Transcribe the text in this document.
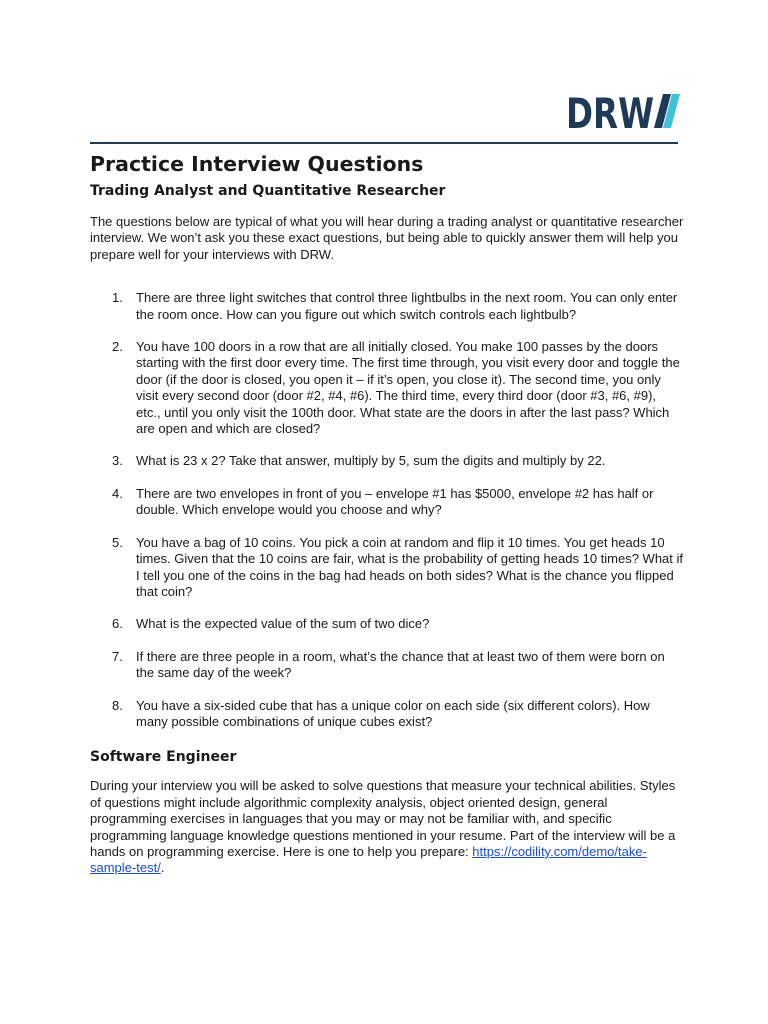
DRW
Practice Interview Questions
Trading Analyst and Quantitative Researcher

The questions below are typical of what you will hear during a trading analyst or quantitative researcher interview. We won’t ask you these exact questions, but being able to quickly answer them will help you prepare well for your interviews with DRW.

1.	There are three light switches that control three lightbulbs in the next room. You can only enter the room once. How can you figure out which switch controls each lightbulb?
2.	You have 100 doors in a row that are all initially closed. You make 100 passes by the doors starting with the first door every time. The first time through, you visit every door and toggle the door (if the door is closed, you open it – if it’s open, you close it). The second time, you only visit every second door (door #2, #4, #6). The third time, every third door (door #3, #6, #9), etc., until you only visit the 100th door. What state are the doors in after the last pass? Which are open and which are closed?
3.	What is 23 x 2? Take that answer, multiply by 5, sum the digits and multiply by 22.
4.	There are two envelopes in front of you – envelope #1 has $5000, envelope #2 has half or double. Which envelope would you choose and why?
5.	You have a bag of 10 coins. You pick a coin at random and flip it 10 times. You get heads 10 times. Given that the 10 coins are fair, what is the probability of getting heads 10 times? What if I tell you one of the coins in the bag had heads on both sides? What is the chance you flipped that coin?
6.	What is the expected value of the sum of two dice?
7.	If there are three people in a room, what’s the chance that at least two of them were born on the same day of the week?
8.	You have a six-sided cube that has a unique color on each side (six different colors). How many possible combinations of unique cubes exist?
Software Engineer

During your interview you will be asked to solve questions that measure your technical abilities. Styles of questions might include algorithmic complexity analysis, object oriented design, general programming exercises in languages that you may or may not be familiar with, and specific programming language knowledge questions mentioned in your resume. Part of the interview will be a hands on programming exercise. Here is one to help you prepare: https://codility.com/demo/take-sample-test/.
